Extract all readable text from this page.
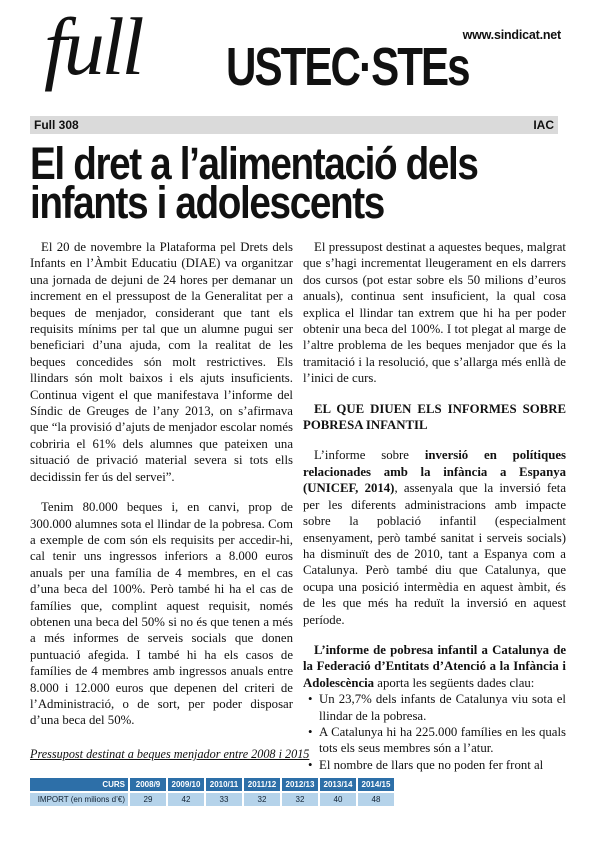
www.sindicat.net
full USTEC·STEs
Full 308	IAC
El dret a l’alimentació dels infants i adolescents

El 20 de novembre la Plataforma pel Drets dels Infants en l’Àmbit Educatiu (DIAE) va organitzar una jornada de dejuni de 24 hores per demanar un increment en el pressupost de la Generalitat per a beques de menjador, considerant que tant els requisits mínims per tal que un alumne pugui ser beneficiari d’una ajuda, com la realitat de les beques concedides són molt restrictives. Els llindars són molt baixos i els ajuts insuficients. Continua vigent el que manifestava l’informe del Síndic de Greuges de l’any 2013, on s’afirmava que “la provisió d’ajuts de menjador escolar només cobriria el 61% dels alumnes que pateixen una situació de privació material severa si tots ells decidissin fer ús del servei”.

Tenim 80.000 beques i, en canvi, prop de 300.000 alumnes sota el llindar de la pobresa. Com a exemple de com són els requisits per accedir-hi, cal tenir uns ingressos inferiors a 8.000 euros anuals per una família de 4 membres, en el cas d’una beca del 100%. Però també hi ha el cas de famílies que, complint aquest requisit, només obtenen una beca del 50% si no és que tenen a més a més informes de serveis socials que donen puntuació afegida. I també hi ha els casos de famílies de 4 membres amb ingressos anuals entre 8.000 i 12.000 euros que depenen del criteri de l’Administració, o de sort, per poder disposar d’una beca del 50%.

El pressupost destinat a aquestes beques, malgrat que s’hagi incrementat lleugerament en els darrers dos cursos (pot estar sobre els 50 milions d’euros anuals), continua sent insuficient, la qual cosa explica el llindar tan extrem que hi ha per poder obtenir una beca del 100%. I tot plegat al marge de l’altre problema de les beques menjador que és la tramitació i la resolució, que s’allarga més enllà de l’inici de curs.

EL QUE DIUEN ELS INFORMES SOBRE POBRESA INFANTIL

L’informe sobre inversió en polítiques relacionades amb la infància a Espanya (UNICEF, 2014), assenyala que la inversió feta per les diferents administracions amb impacte sobre la població infantil (especialment ensenyament, però també sanitat i serveis socials) ha disminuït des de 2010, tant a Espanya com a Catalunya. Però també diu que Catalunya, que ocupa una posició intermèdia en aquest àmbit, és de les que més ha reduït la inversió en aquest període.

L’informe de pobresa infantil a Catalunya de la Federació d’Entitats d’Atenció a la Infància i Adolescència aporta les següents dades clau:

• Un 23,7% dels infants de Catalunya viu sota el llindar de la pobresa.
• A Catalunya hi ha 225.000 famílies en les quals tots els seus membres són a l’atur.
• El nombre de llars que no poden fer front al
Pressupost destinat a beques menjador entre 2008 i 2015
CURS	2008/9	2009/10	2010/11	2011/12	2012/13	2013/14	2014/15
IMPORT (en milions d’€)	29	42	33	32	32	40	48
